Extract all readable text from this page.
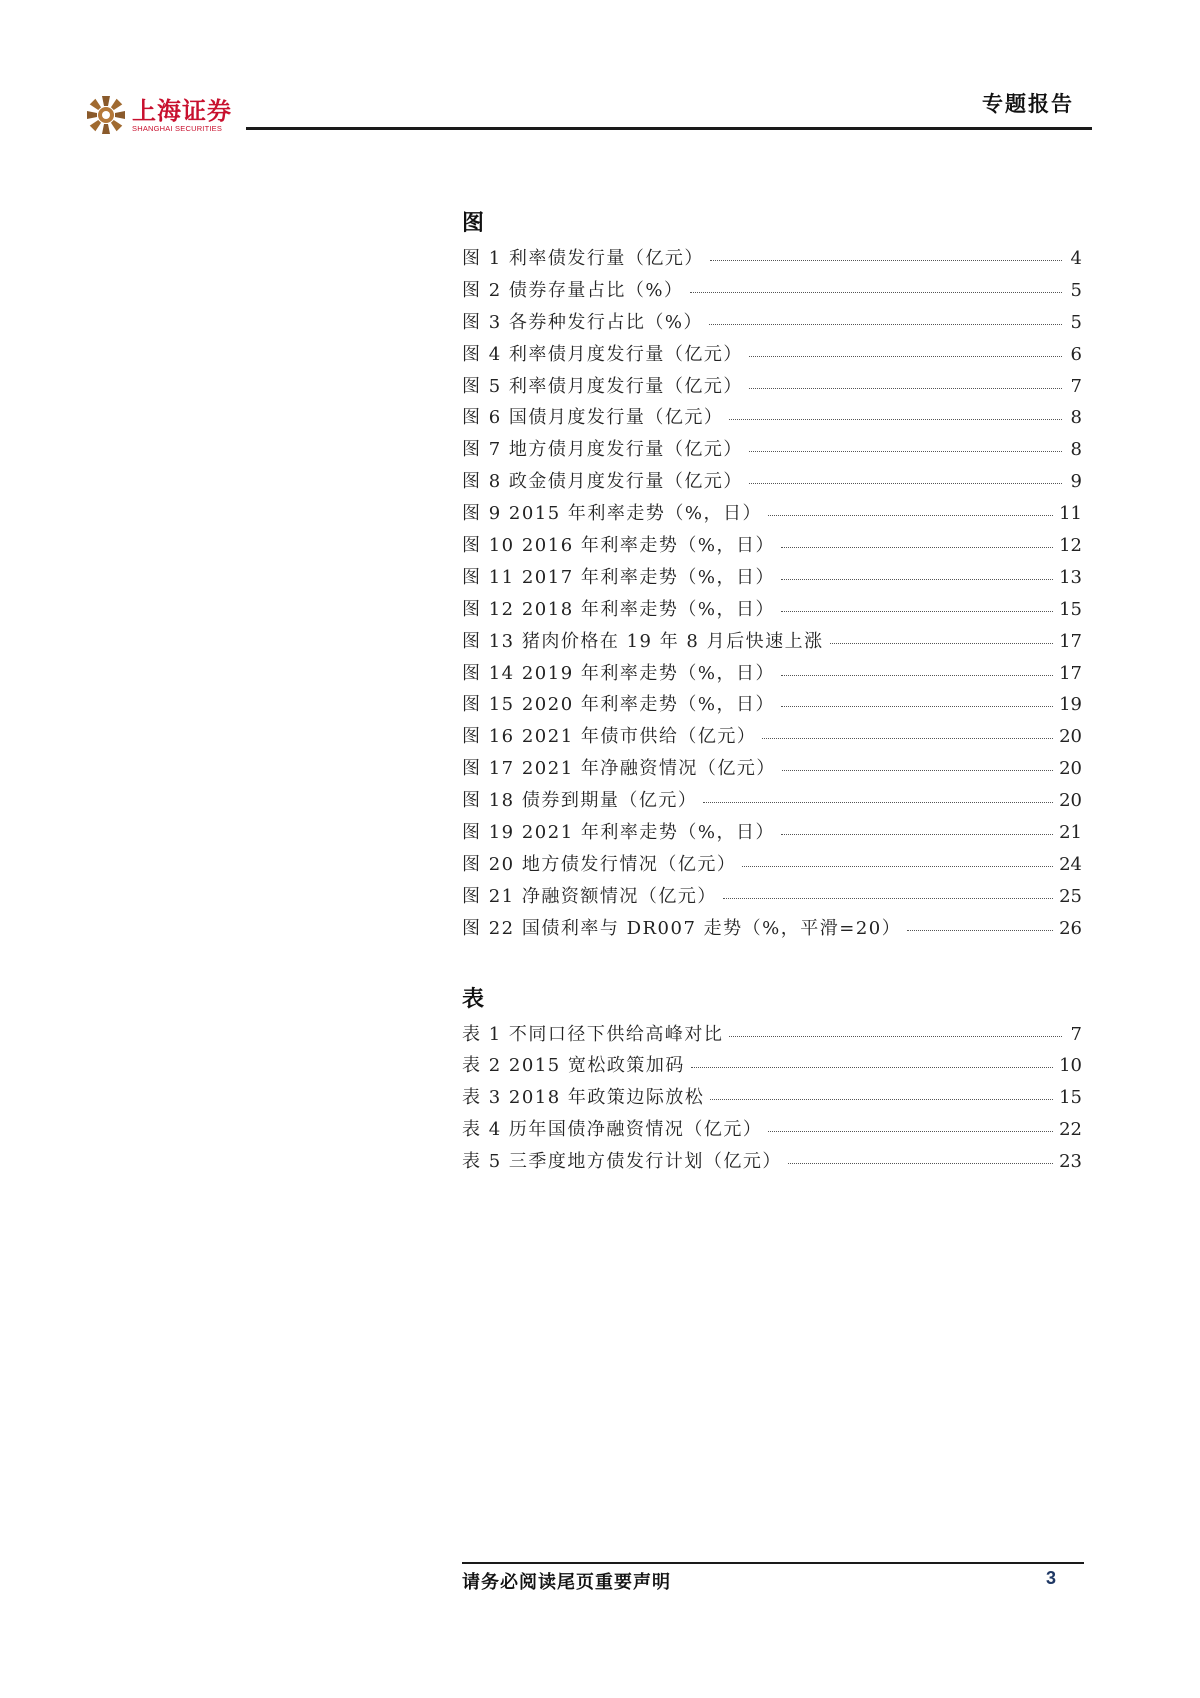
上海证券
SHANGHAI SECURITIES
专题报告
图
图 1 利率债发行量（亿元）	4
图 2 债券存量占比（%）	5
图 3 各券种发行占比（%）	5
图 4 利率债月度发行量（亿元）	6
图 5 利率债月度发行量（亿元）	7
图 6 国债月度发行量（亿元）	8
图 7 地方债月度发行量（亿元）	8
图 8 政金债月度发行量（亿元）	9
图 9 2015 年利率走势（%，日）	11
图 10 2016 年利率走势（%，日）	12
图 11 2017 年利率走势（%，日）	13
图 12 2018 年利率走势（%，日）	15
图 13 猪肉价格在 19 年 8 月后快速上涨	17
图 14 2019 年利率走势（%，日）	17
图 15 2020 年利率走势（%，日）	19
图 16 2021 年债市供给（亿元）	20
图 17 2021 年净融资情况（亿元）	20
图 18 债券到期量（亿元）	20
图 19 2021 年利率走势（%，日）	21
图 20 地方债发行情况（亿元）	24
图 21 净融资额情况（亿元）	25
图 22 国债利率与 DR007 走势（%，平滑=20）	26
表
表 1 不同口径下供给高峰对比	7
表 2 2015 宽松政策加码	10
表 3 2018 年政策边际放松	15
表 4 历年国债净融资情况（亿元）	22
表 5 三季度地方债发行计划（亿元）	23
请务必阅读尾页重要声明	3
